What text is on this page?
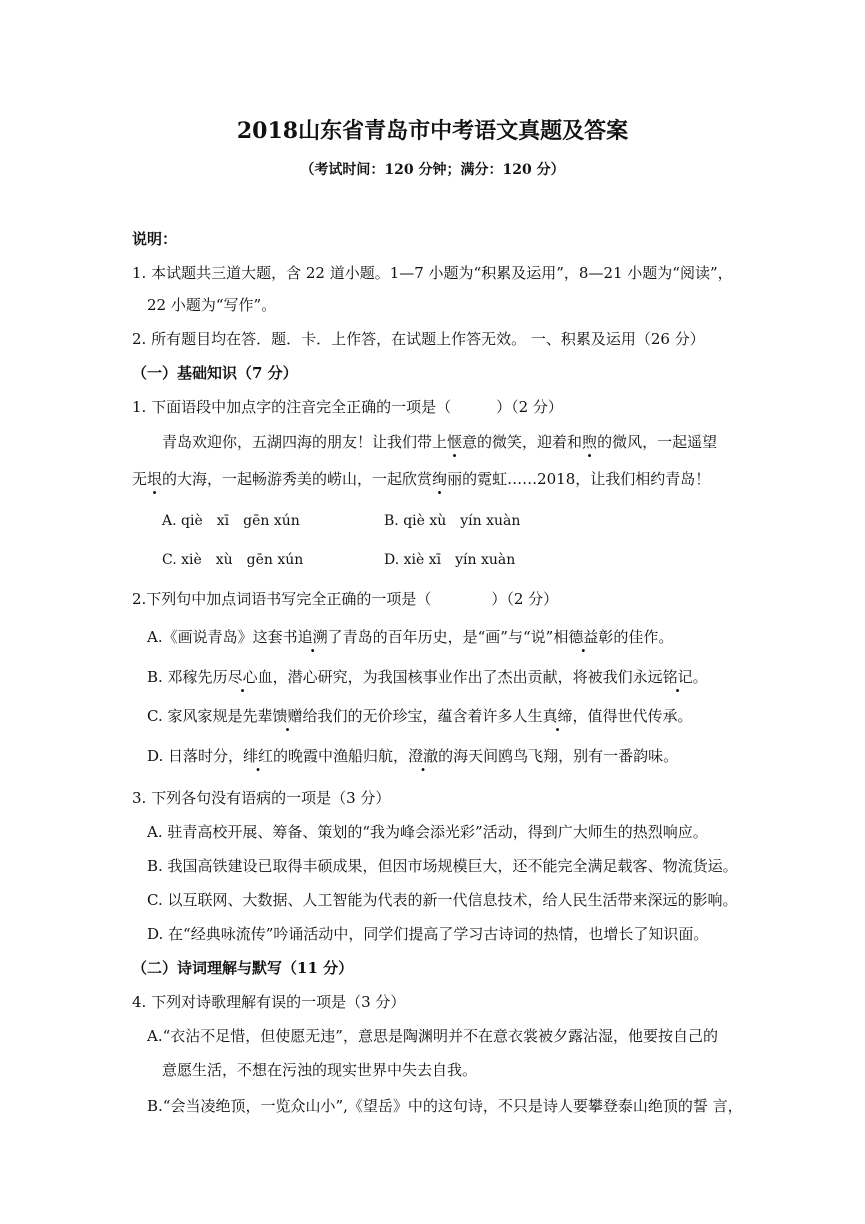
2018山东省青岛市中考语文真题及答案
（考试时间：120 分钟；满分：120 分）
说明：
1. 本试题共三道大题，含 22 道小题。1—7 小题为“积累及运用”，8—21 小题为“阅读”，
22 小题为“写作”。
2. 所有题目均在答．题．卡．上作答，在试题上作答无效。 一、积累及运用（26 分）
（一）基础知识（7 分）
1. 下面语段中加点字的注音完全正确的一项是（　　　）（2 分）
青岛欢迎你，五湖四海的朋友！让我们带上惬意的微笑，迎着和煦的微风，一起遥望
无垠的大海，一起畅游秀美的崂山，一起欣赏绚丽的霓虹……2018，让我们相约青岛！
A. qiè　xī　gēn xún	B. qiè xù　yín xuàn
C. xiè　xù　gēn xún	D. xiè xī　yín xuàn
2.下列句中加点词语书写完全正确的一项是（　　　　）（2 分）
A.《画说青岛》这套书追溯了青岛的百年历史，是“画”与“说”相德益彰的佳作。
B. 邓稼先历尽心血，潜心研究，为我国核事业作出了杰出贡献，将被我们永远铭记。
C. 家风家规是先辈馈赠给我们的无价珍宝，蕴含着许多人生真缔，值得世代传承。
D. 日落时分，绯红的晚霞中渔船归航，澄澈的海天间鸥鸟飞翔，别有一番韵味。
3. 下列各句没有语病的一项是（3 分）
A. 驻青高校开展、筹备、策划的“我为峰会添光彩”活动，得到广大师生的热烈响应。
B. 我国高铁建设已取得丰硕成果，但因市场规模巨大，还不能完全满足载客、物流货运。
C. 以互联网、大数据、人工智能为代表的新一代信息技术，给人民生活带来深远的影响。
D. 在“经典咏流传”吟诵活动中，同学们提高了学习古诗词的热情，也增长了知识面。
（二）诗词理解与默写（11 分）
4. 下列对诗歌理解有误的一项是（3 分）
A.“衣沾不足惜，但使愿无违”，意思是陶渊明并不在意衣裳被夕露沾湿，他要按自己的
意愿生活，不想在污浊的现实世界中失去自我。
B.“会当凌绝顶，一览众山小”,《望岳》中的这句诗，不只是诗人要攀登泰山绝顶的誓 言，
